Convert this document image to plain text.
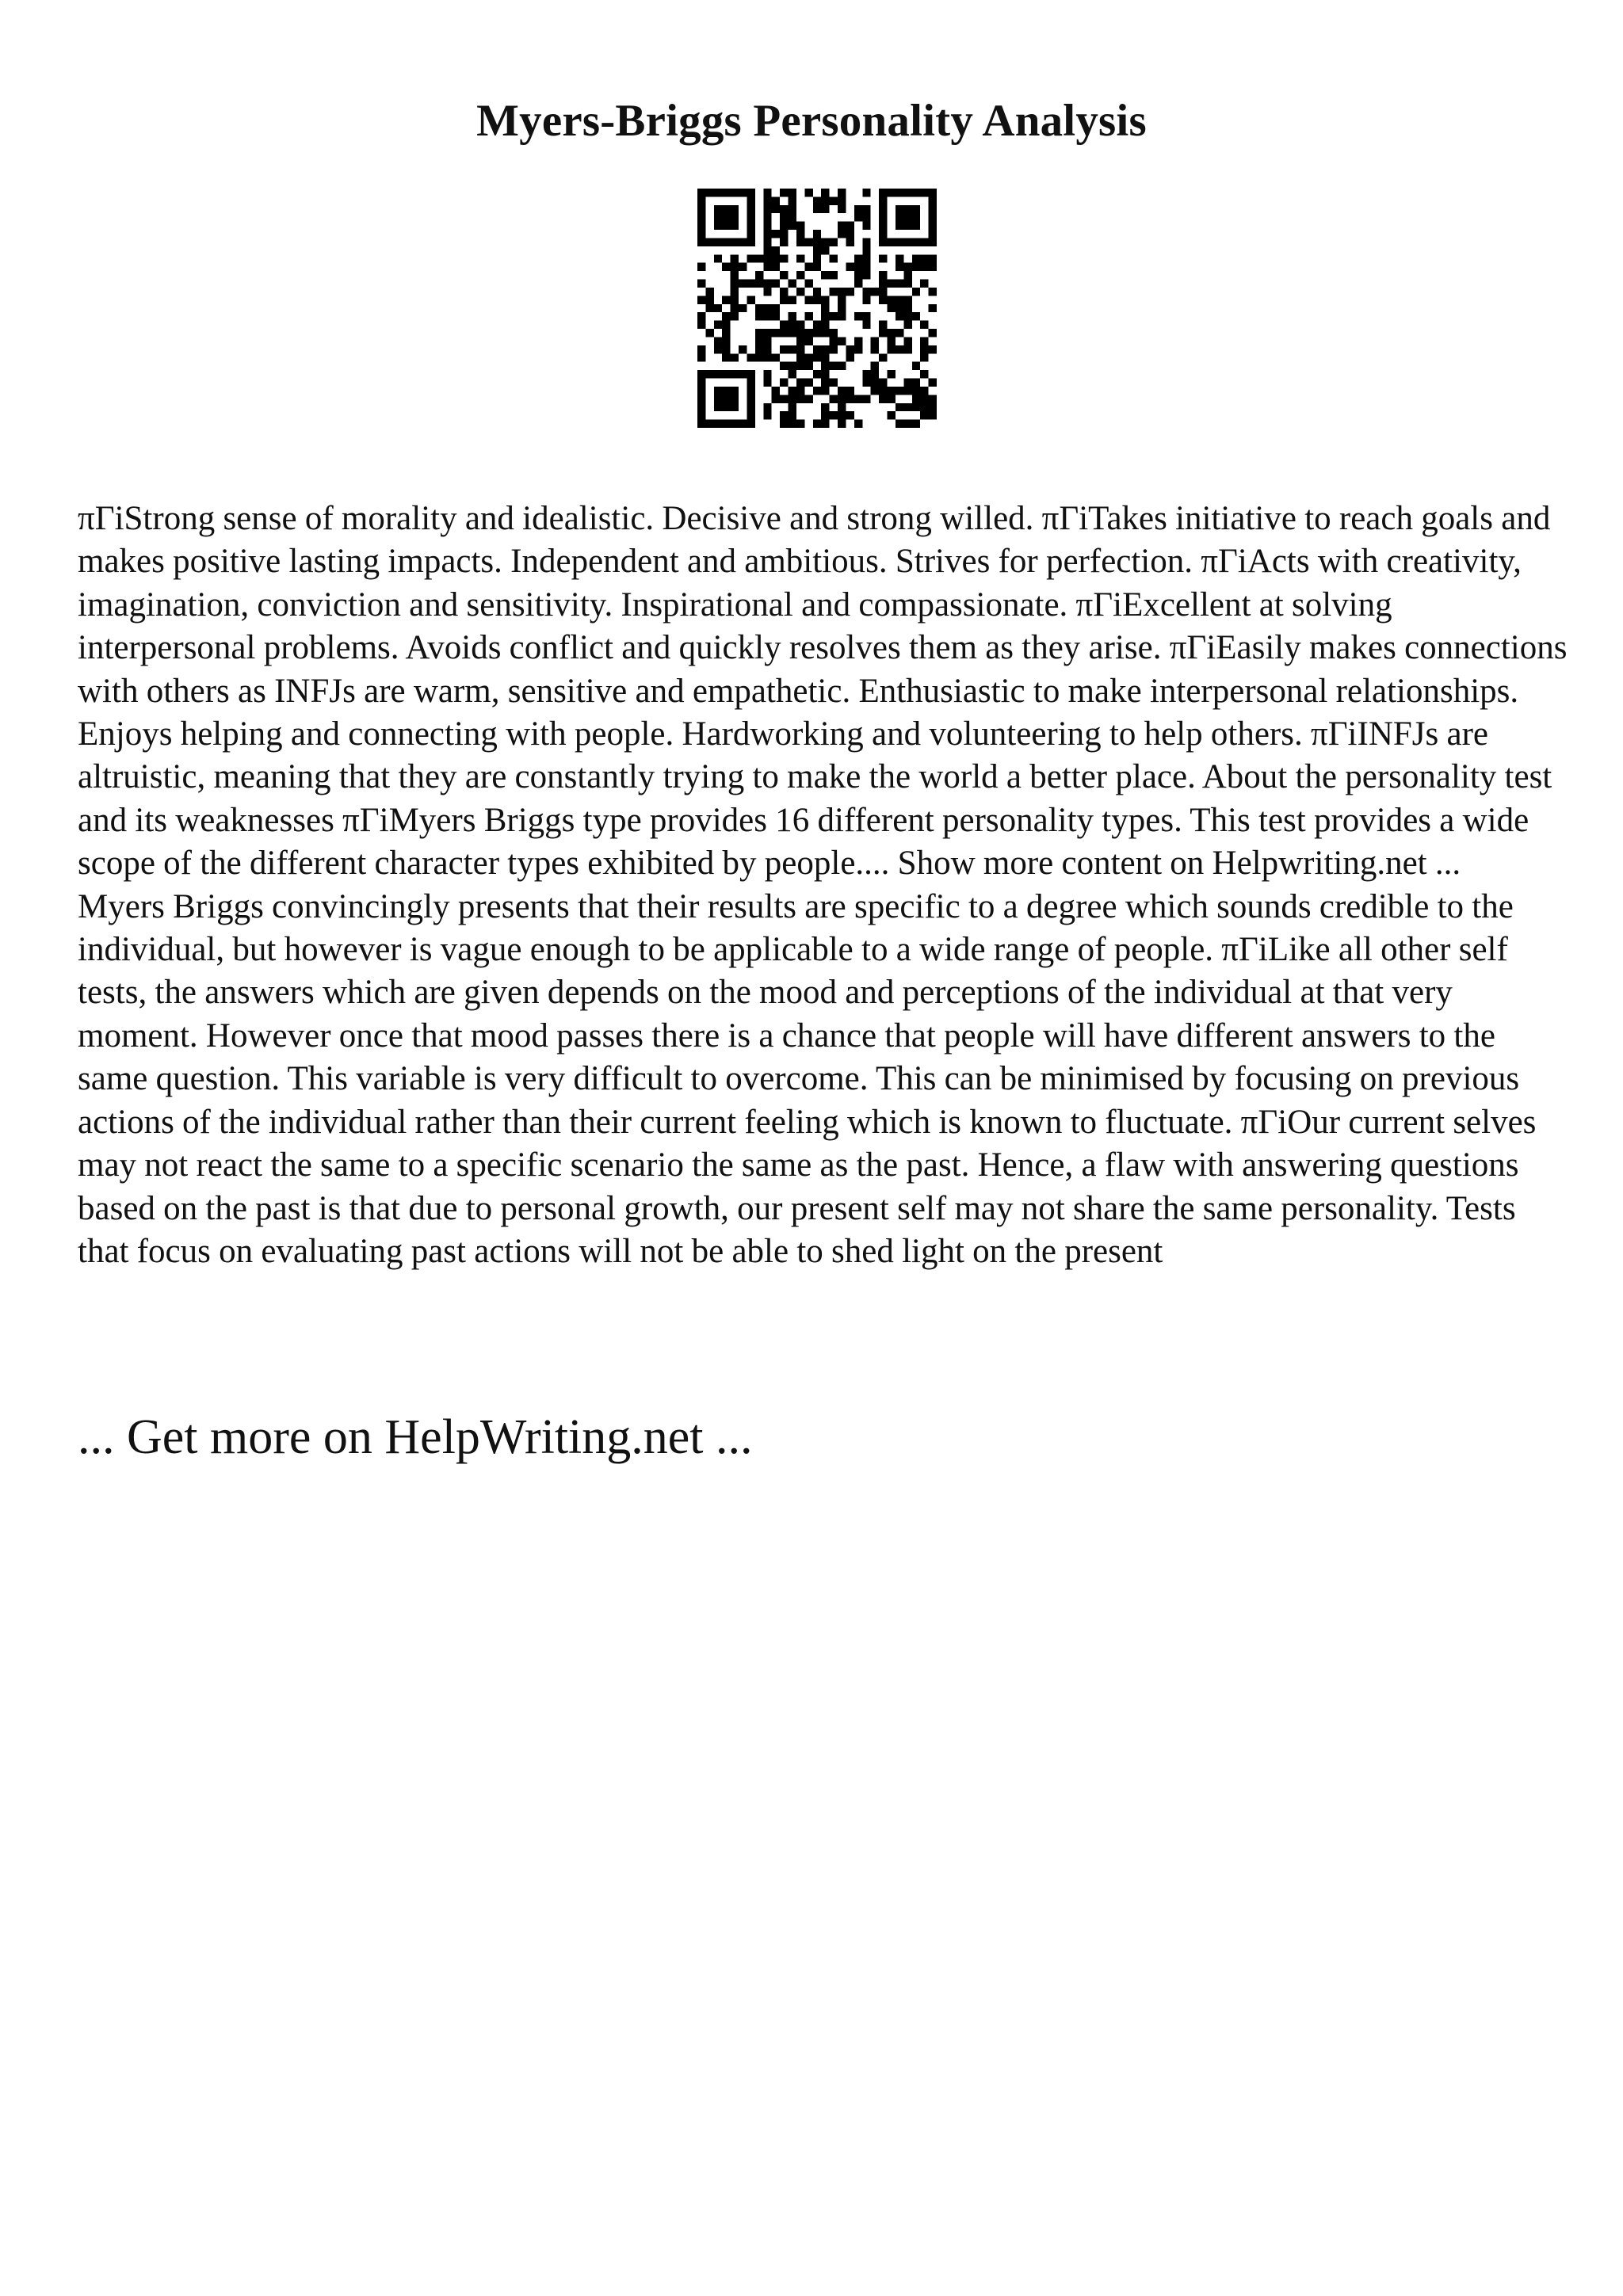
Myers-Briggs Personality Analysis
πΓiStrong sense of morality and idealistic. Decisive and strong willed. πΓiTakes initiative to reach goals and makes positive lasting impacts. Independent and ambitious. Strives for perfection. πΓiActs with creativity, imagination, conviction and sensitivity. Inspirational and compassionate. πΓiExcellent at solving interpersonal problems. Avoids conflict and quickly resolves them as they arise. πΓiEasily makes connections with others as INFJs are warm, sensitive and empathetic. Enthusiastic to make interpersonal relationships. Enjoys helping and connecting with people. Hardworking and volunteering to help others. πΓiINFJs are altruistic, meaning that they are constantly trying to make the world a better place. About the personality test and its weaknesses πΓiMyers Briggs type provides 16 different personality types. This test provides a wide scope of the different character types exhibited by people.... Show more content on Helpwriting.net ...
Myers Briggs convincingly presents that their results are specific to a degree which sounds credible to the individual, but however is vague enough to be applicable to a wide range of people. πΓiLike all other self tests, the answers which are given depends on the mood and perceptions of the individual at that very moment. However once that mood passes there is a chance that people will have different answers to the same question. This variable is very difficult to overcome. This can be minimised by focusing on previous actions of the individual rather than their current feeling which is known to fluctuate. πΓiOur current selves may not react the same to a specific scenario the same as the past. Hence, a flaw with answering questions based on the past is that due to personal growth, our present self may not share the same personality. Tests that focus on evaluating past actions will not be able to shed light on the present
... Get more on HelpWriting.net ...
